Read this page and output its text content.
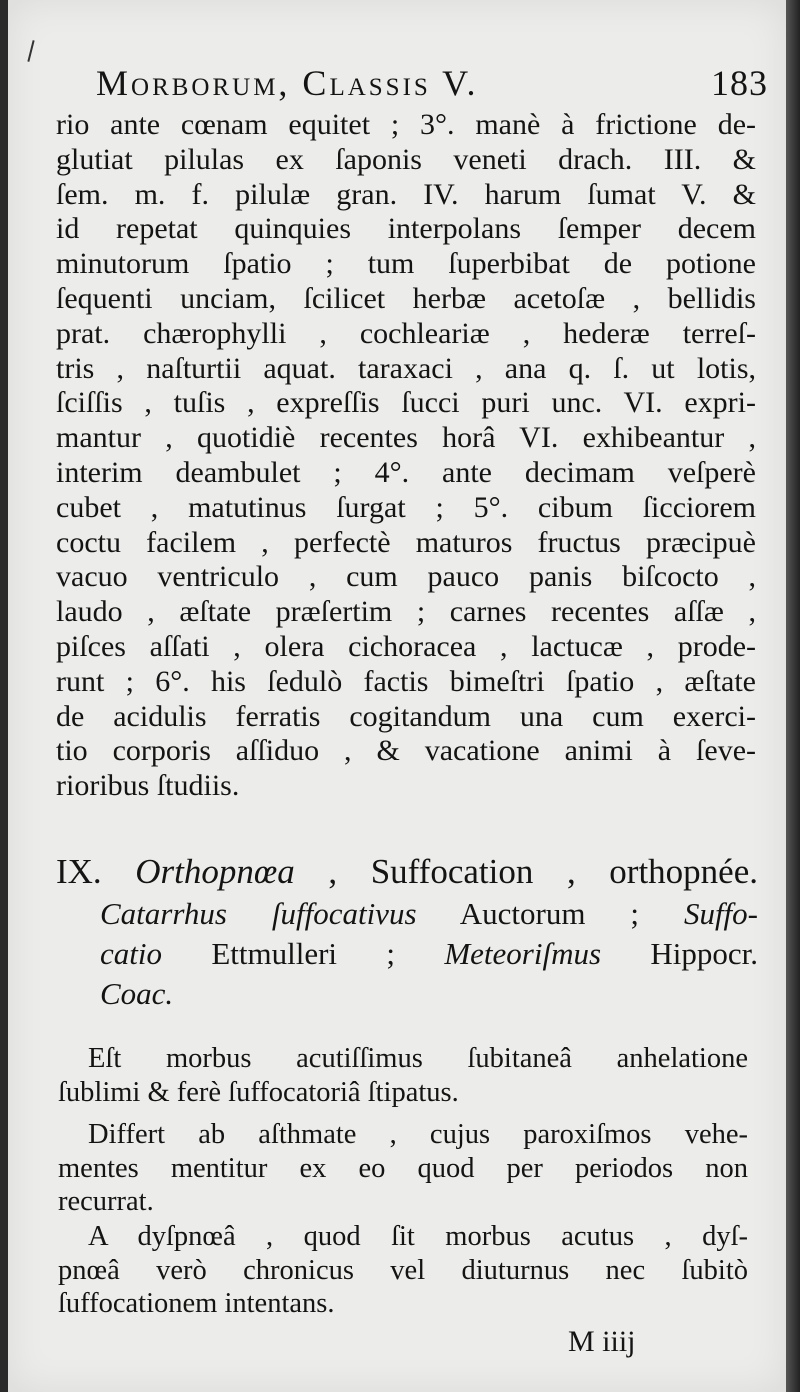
Morborum, Classis V.	183
rio ante cœnam equitet ; 3°. manè à frictione de-
glutiat pilulas ex ſaponis veneti drach. III. &
ſem. m. f. pilulæ gran. IV. harum ſumat V. &
id repetat quinquies interpolans ſemper decem
minutorum ſpatio ; tum ſuperbibat de potione
ſequenti unciam, ſcilicet herbæ acetoſæ , bellidis
prat. chærophylli , cochleariæ , hederæ terreſ-
tris , naſturtii aquat. taraxaci , ana q. ſ. ut lotis,
ſciſſis , tuſis , expreſſis ſucci puri unc. VI. expri-
mantur , quotidiè recentes horâ VI. exhibeantur ,
interim deambulet ; 4°. ante decimam veſperè
cubet , matutinus ſurgat ; 5°. cibum ſicciorem
coctu facilem , perfectè maturos fructus præcipuè
vacuo ventriculo , cum pauco panis biſcocto ,
laudo , æſtate præſertim ; carnes recentes aſſæ ,
piſces aſſati , olera cichoracea , lactucæ , prode-
runt ; 6°. his ſedulò factis bimeſtri ſpatio , æſtate
de acidulis ferratis cogitandum una cum exerci-
tio corporis aſſiduo , & vacatione animi à ſeve-
rioribus ſtudiis.
IX. Orthopnœa , Suffocation , orthopnée.
Catarrhus ſuffocativus Auctorum ; Suffo-
catio Ettmulleri ; Meteoriſmus Hippocr.
Coac.
Eſt morbus acutiſſimus ſubitaneâ anhelatione
ſublimi & ferè ſuffocatoriâ ſtipatus.
Differt ab aſthmate , cujus paroxiſmos vehe-
mentes mentitur ex eo quod per periodos non
recurrat.
A dyſpnœâ , quod ſit morbus acutus , dyſ-
pnœâ verò chronicus vel diuturnus nec ſubitò
ſuffocationem intentans.
M iiij
